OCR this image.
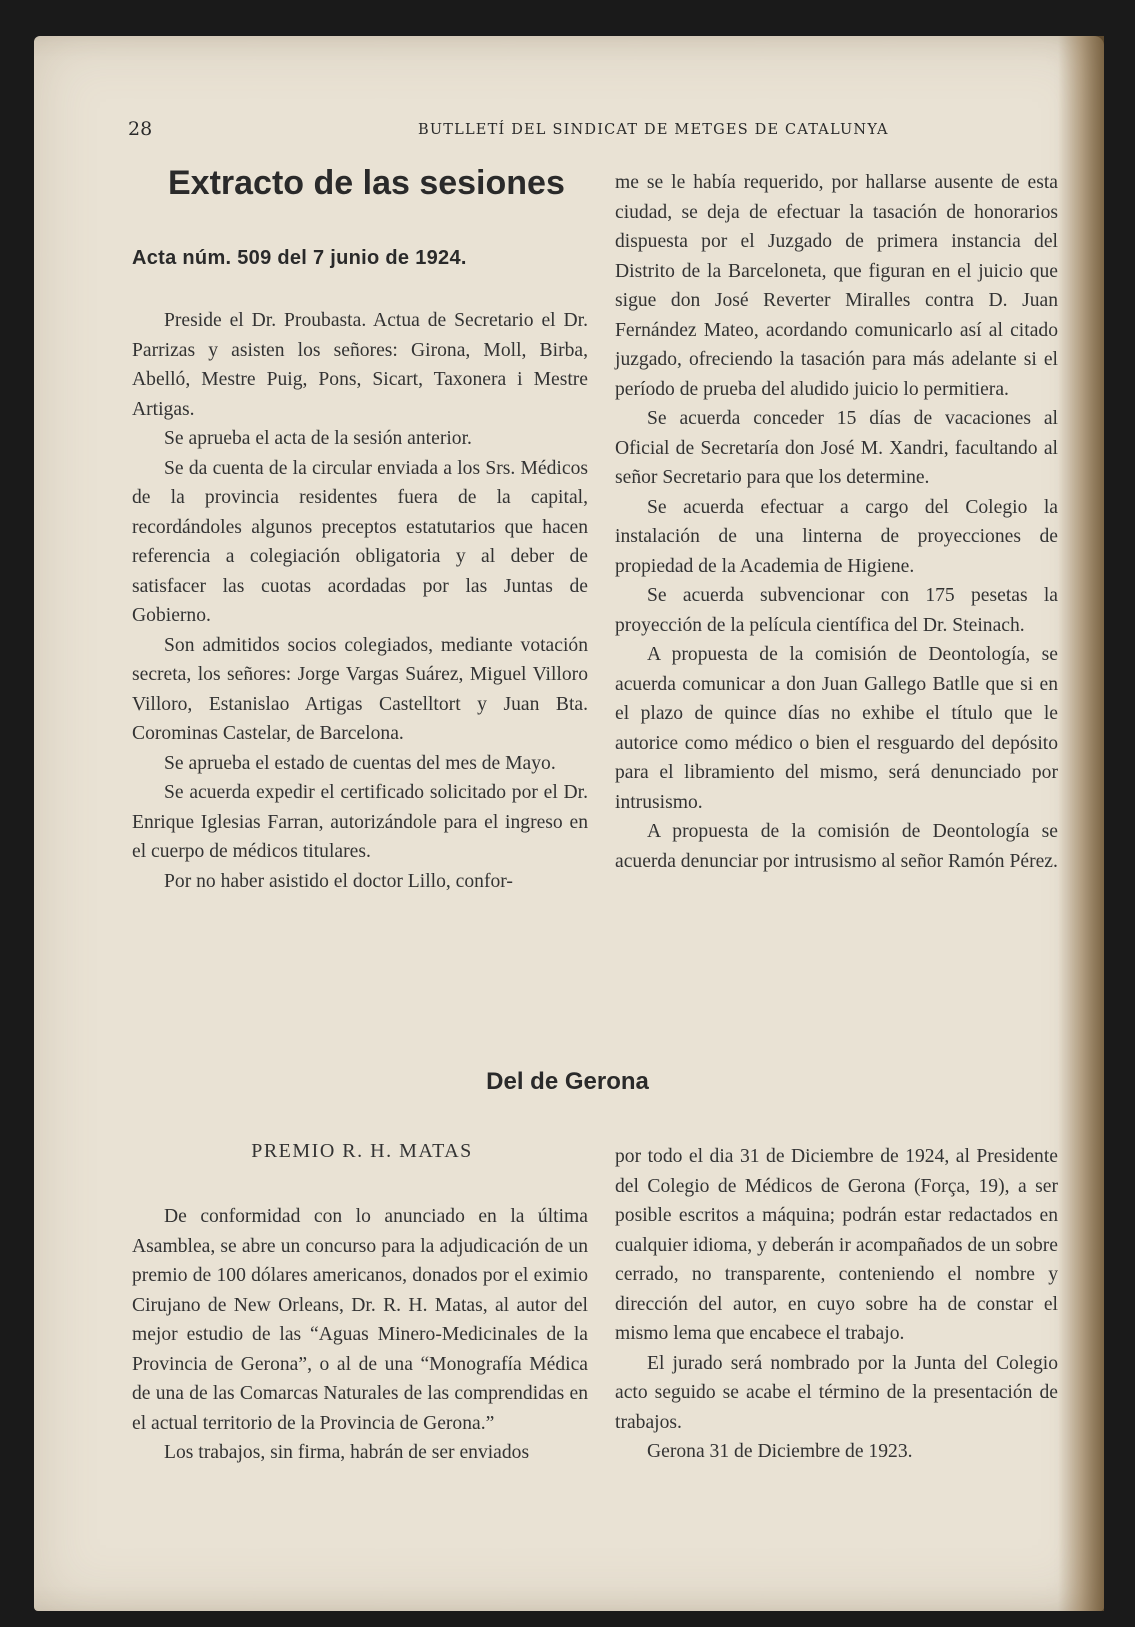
28	BUTLLETÍ DEL SINDICAT DE METGES DE CATALUNYA
Extracto de las sesiones
Acta núm. 509 del 7 junio de 1924.

Preside el Dr. Proubasta. Actua de Secretario el Dr. Parrizas y asisten los señores: Girona, Moll, Birba, Abelló, Mestre Puig, Pons, Sicart, Taxonera i Mestre Artigas.

Se aprueba el acta de la sesión anterior.

Se da cuenta de la circular enviada a los Srs. Médicos de la provincia residentes fuera de la capital, recordándoles algunos preceptos estatutarios que hacen referencia a colegiación obligatoria y al deber de satisfacer las cuotas acordadas por las Juntas de Gobierno.

Son admitidos socios colegiados, mediante votación secreta, los señores: Jorge Vargas Suárez, Miguel Villoro Villoro, Estanislao Artigas Castelltort y Juan Bta. Corominas Castelar, de Barcelona.

Se aprueba el estado de cuentas del mes de Mayo.

Se acuerda expedir el certificado solicitado por el Dr. Enrique Iglesias Farran, autorizándole para el ingreso en el cuerpo de médicos titulares.

Por no haber asistido el doctor Lillo, confor-

me se le había requerido, por hallarse ausente de esta ciudad, se deja de efectuar la tasación de honorarios dispuesta por el Juzgado de primera instancia del Distrito de la Barceloneta, que figuran en el juicio que sigue don José Reverter Miralles contra D. Juan Fernández Mateo, acordando comunicarlo así al citado juzgado, ofreciendo la tasación para más adelante si el período de prueba del aludido juicio lo permitiera.

Se acuerda conceder 15 días de vacaciones al Oficial de Secretaría don José M. Xandri, facultando al señor Secretario para que los determine.

Se acuerda efectuar a cargo del Colegio la instalación de una linterna de proyecciones de propiedad de la Academia de Higiene.

Se acuerda subvencionar con 175 pesetas la proyección de la película científica del Dr. Steinach.

A propuesta de la comisión de Deontología, se acuerda comunicar a don Juan Gallego Batlle que si en el plazo de quince días no exhibe el título que le autorice como médico o bien el resguardo del depósito para el libramiento del mismo, será denunciado por intrusismo.

A propuesta de la comisión de Deontología se acuerda denunciar por intrusismo al señor Ramón Pérez.

Del de Gerona
PREMIO R. H. MATAS

De conformidad con lo anunciado en la última Asamblea, se abre un concurso para la adjudicación de un premio de 100 dólares americanos, donados por el eximio Cirujano de New Orleans, Dr. R. H. Matas, al autor del mejor estudio de las “Aguas Minero-Medicinales de la Provincia de Gerona”, o al de una “Monografía Médica de una de las Comarcas Naturales de las comprendidas en el actual territorio de la Provincia de Gerona.”

Los trabajos, sin firma, habrán de ser enviados

por todo el dia 31 de Diciembre de 1924, al Presidente del Colegio de Médicos de Gerona (Força, 19), a ser posible escritos a máquina; podrán estar redactados en cualquier idioma, y deberán ir acompañados de un sobre cerrado, no transparente, conteniendo el nombre y dirección del autor, en cuyo sobre ha de constar el mismo lema que encabece el trabajo.

El jurado será nombrado por la Junta del Colegio acto seguido se acabe el término de la presentación de trabajos.

Gerona 31 de Diciembre de 1923.
